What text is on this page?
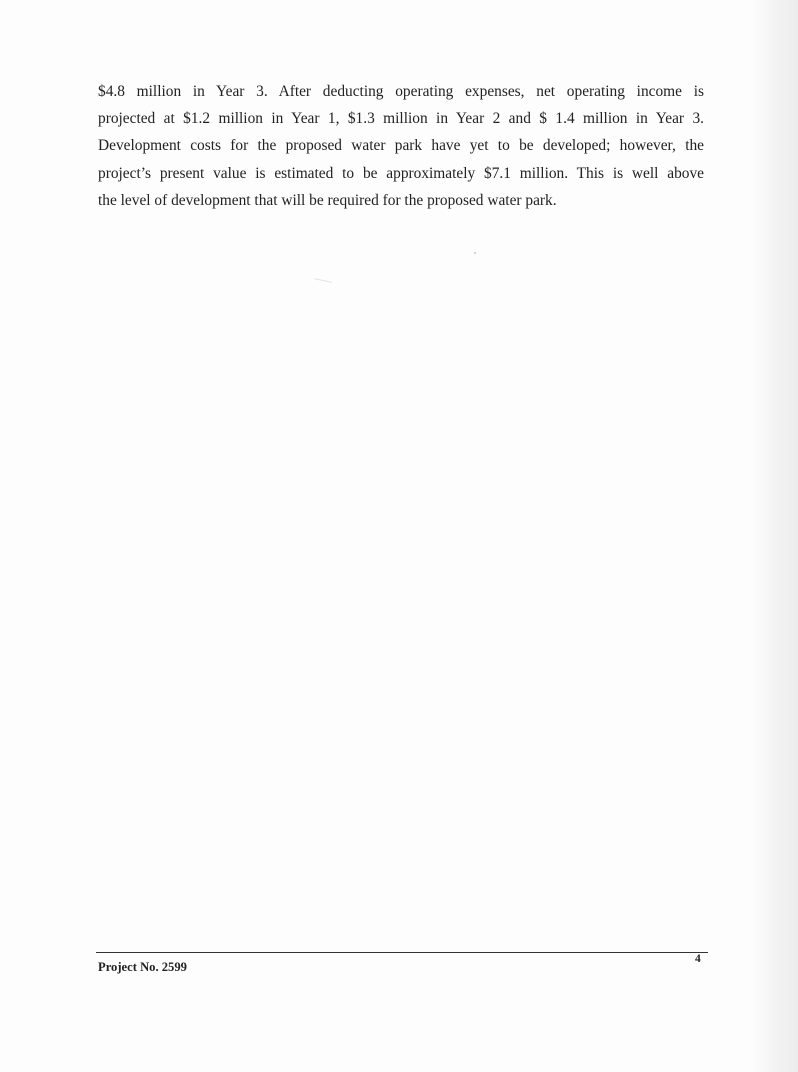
$4.8 million in Year 3. After deducting operating expenses, net operating income is
projected at $1.2 million in Year 1, $1.3 million in Year 2 and $ 1.4 million in Year 3.
Development costs for the proposed water park have yet to be developed; however, the
project’s present value is estimated to be approximately $7.1 million. This is well above
the level of development that will be required for the proposed water park.

Project No. 2599

4
